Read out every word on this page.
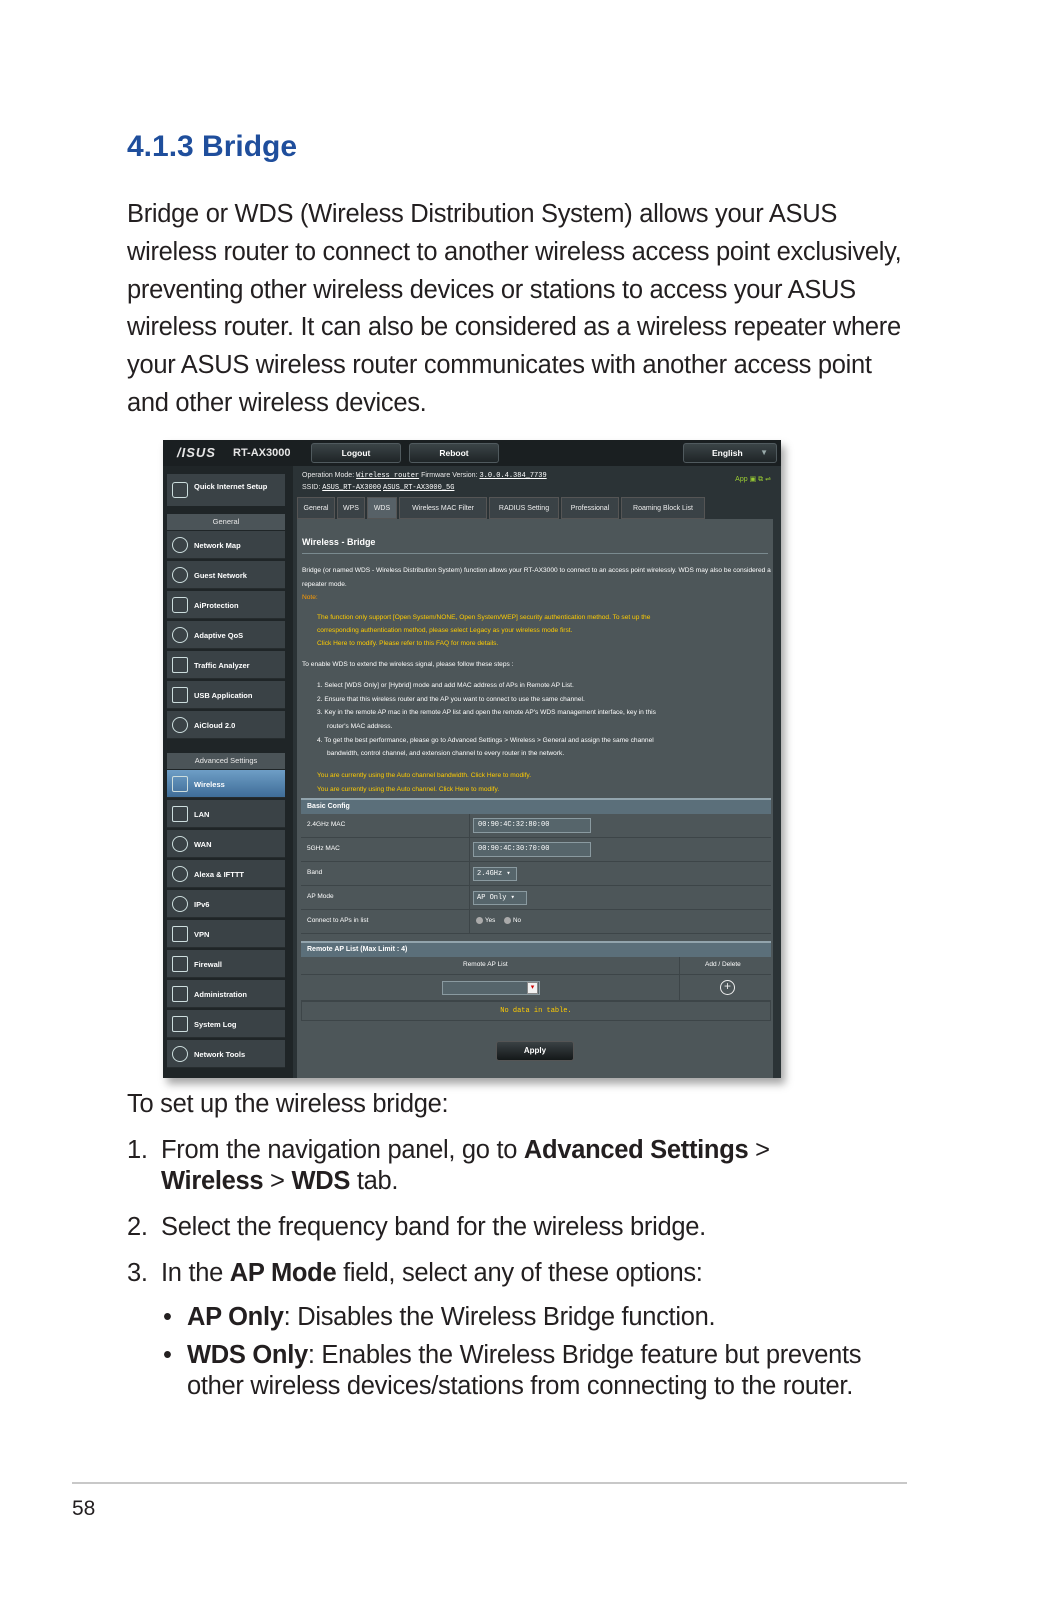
4.1.3 Bridge
Bridge or WDS (Wireless Distribution System) allows your ASUS wireless router to connect to another wireless access point exclusively, preventing other wireless devices or stations to access your ASUS wireless router. It can also be considered as a wireless repeater where your ASUS wireless router communicates with another access point and other wireless devices.
/ISUS RT-AX3000	Logout	Reboot	English ▼
Quick Internet Setup
General
Network Map
Guest Network
AiProtection
Adaptive QoS
Traffic Analyzer
USB Application
AiCloud 2.0
Advanced Settings
Wireless
LAN
WAN
Alexa & IFTTT
IPv6
VPN
Firewall
Administration
System Log
Network Tools
Operation Mode: Wireless router Firmware Version: 3.0.0.4.384_7739
SSID: ASUS_RT-AX3000 ASUS_RT-AX3000_5G
App ▣ ⧉ ⇌
General	WPS	WDS	Wireless MAC Filter	RADIUS Setting	Professional	Roaming Block List
Wireless - Bridge
Bridge (or named WDS - Wireless Distribution System) function allows your RT-AX3000 to connect to an access point wirelessly. WDS may also be considered a repeater mode.
Note:
The function only support [Open System/NONE, Open System/WEP] security authentication method. To set up the
corresponding authentication method, please select Legacy as your wireless mode first.
Click Here to modify. Please refer to this FAQ for more details.
To enable WDS to extend the wireless signal, please follow these steps :
1. Select [WDS Only] or [Hybrid] mode and add MAC address of APs in Remote AP List.
2. Ensure that this wireless router and the AP you want to connect to use the same channel.
3. Key in the remote AP mac in the remote AP list and open the remote AP's WDS management interface, key in this
router's MAC address.
4. To get the best performance, please go to Advanced Settings > Wireless > General and assign the same channel
bandwidth, control channel, and extension channel to every router in the network.
You are currently using the Auto channel bandwidth. Click Here to modify.
You are currently using the Auto channel. Click Here to modify.
Basic Config
2.4GHz MAC	00:90:4C:32:80:00
5GHz MAC	00:90:4C:30:70:00
Band	2.4GHz ▾
AP Mode	AP Only ▾
Connect to APs in list	Yes	No
Remote AP List (Max Limit : 4)
Remote AP List	Add / Delete
▾	+
No data in table.
Apply
To set up the wireless bridge:
1. From the navigation panel, go to Advanced Settings >
Wireless > WDS tab.
2. Select the frequency band for the wireless bridge.
3. In the AP Mode field, select any of these options:
• AP Only: Disables the Wireless Bridge function.
• WDS Only: Enables the Wireless Bridge feature but prevents other wireless devices/stations from connecting to the router.
58
